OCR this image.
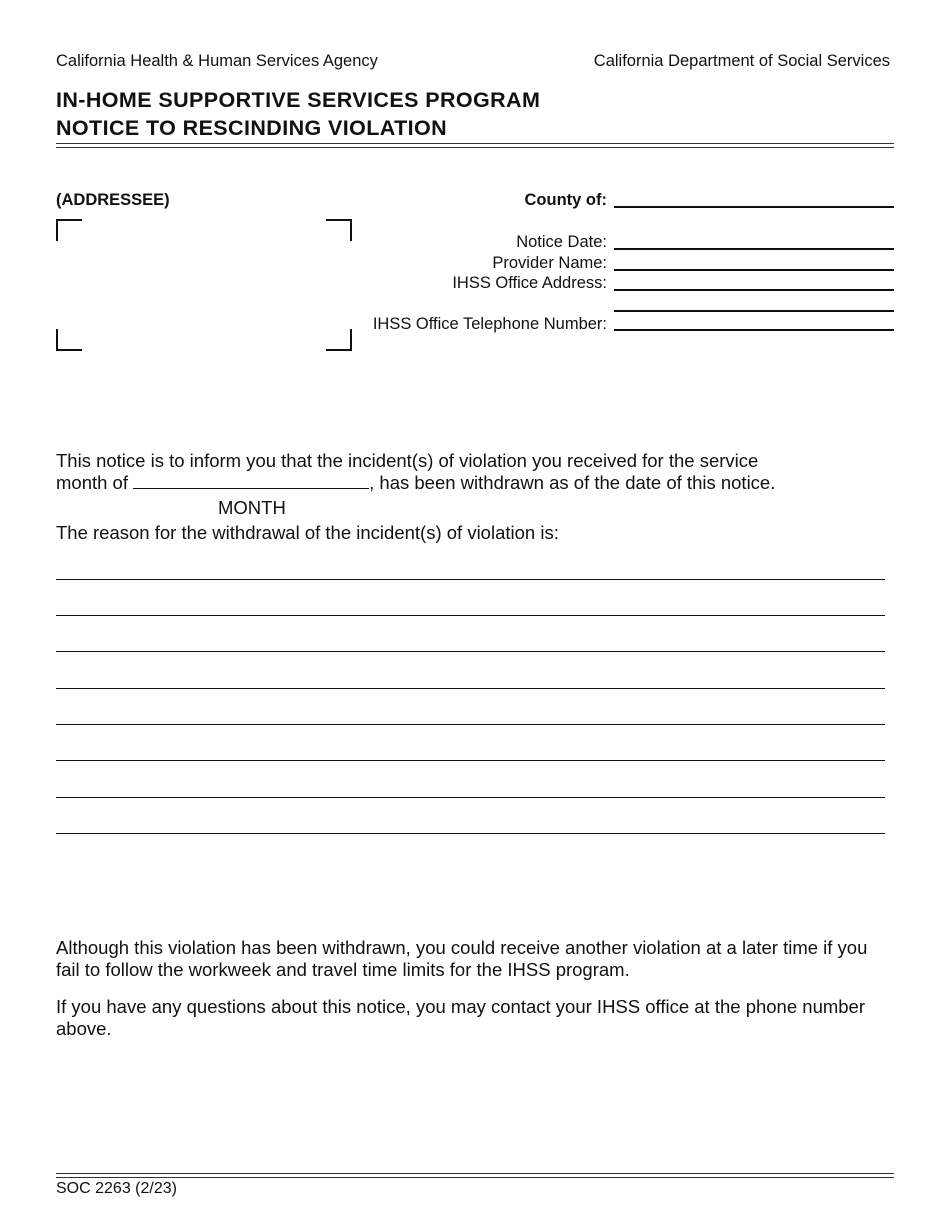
California Health & Human Services Agency	California Department of Social Services
IN-HOME SUPPORTIVE SERVICES PROGRAM
NOTICE TO RESCINDING VIOLATION
(ADDRESSEE)	County of:
Notice Date:
Provider Name:
IHSS Office Address:
IHSS Office Telephone Number:
This notice is to inform you that the incident(s) of violation you received for the service
month of	, has been withdrawn as of the date of this notice.
MONTH
The reason for the withdrawal of the incident(s) of violation is:
Although this violation has been withdrawn, you could receive another violation at a later time if you fail to follow the workweek and travel time limits for the IHSS program.
If you have any questions about this notice, you may contact your IHSS office at the phone number above.
SOC 2263 (2/23)
